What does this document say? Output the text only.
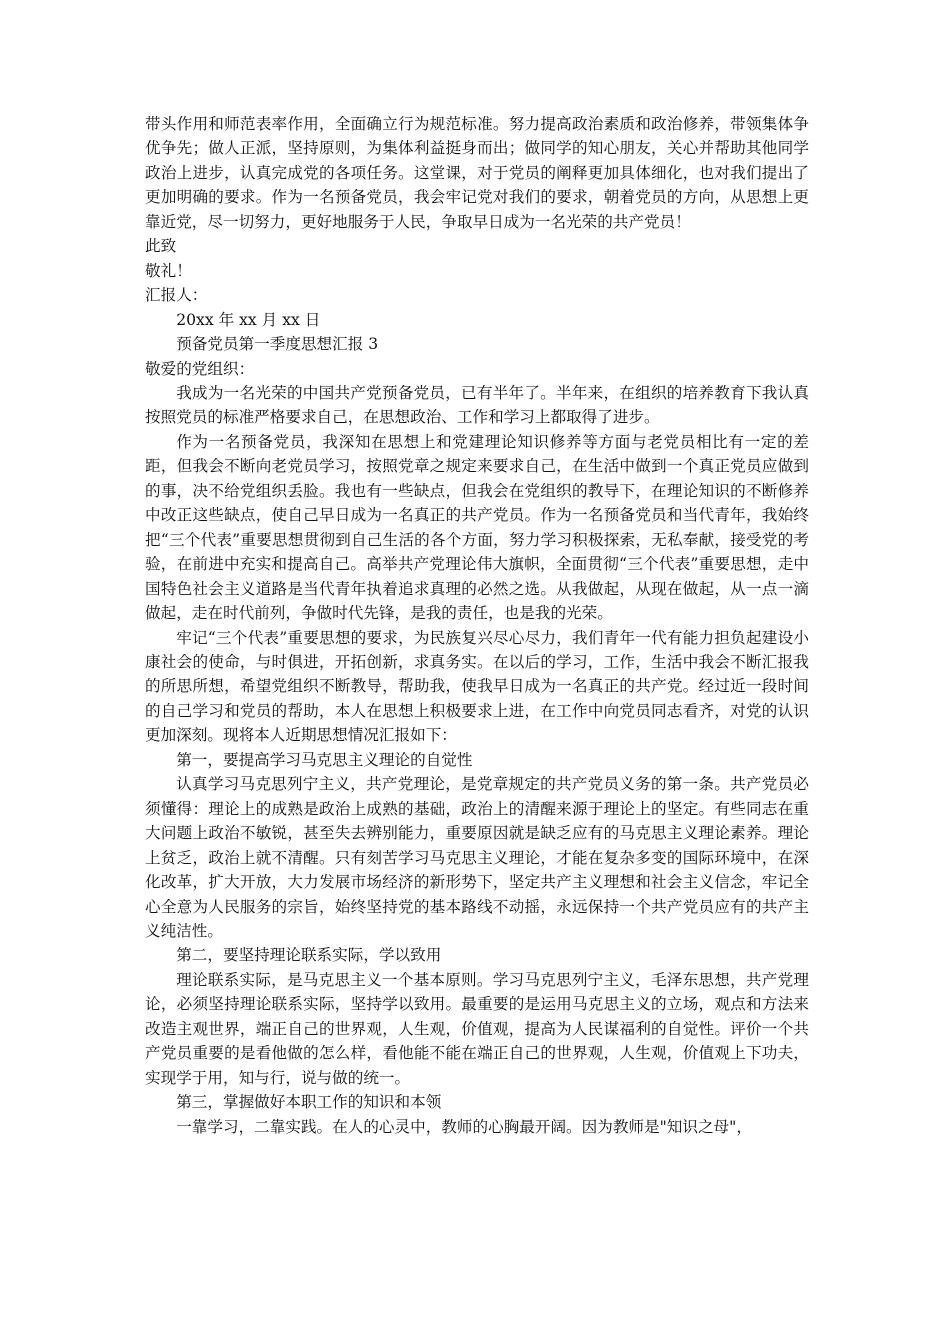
带头作用和师范表率作用，全面确立行为规范标准。努力提高政治素质和政治修养，带领集体争优争先；做人正派，坚持原则，为集体利益挺身而出；做同学的知心朋友，关心并帮助其他同学政治上进步，认真完成党的各项任务。这堂课，对于党员的阐释更加具体细化，也对我们提出了更加明确的要求。作为一名预备党员，我会牢记党对我们的要求，朝着党员的方向，从思想上更靠近党，尽一切努力，更好地服务于人民，争取早日成为一名光荣的共产党员！

此致

敬礼！

汇报人：

20xx 年 xx 月 xx 日

预备党员第一季度思想汇报 3

敬爱的党组织：

我成为一名光荣的中国共产党预备党员，已有半年了。半年来，在组织的培养教育下我认真按照党员的标准严格要求自己，在思想政治、工作和学习上都取得了进步。

作为一名预备党员，我深知在思想上和党建理论知识修养等方面与老党员相比有一定的差距，但我会不断向老党员学习，按照党章之规定来要求自己，在生活中做到一个真正党员应做到的事，决不给党组织丢脸。我也有一些缺点，但我会在党组织的教导下，在理论知识的不断修养中改正这些缺点，使自己早日成为一名真正的共产党员。作为一名预备党员和当代青年，我始终把“三个代表”重要思想贯彻到自己生活的各个方面，努力学习积极探索，无私奉献，接受党的考验，在前进中充实和提高自己。高举共产党理论伟大旗帜，全面贯彻“三个代表”重要思想，走中国特色社会主义道路是当代青年执着追求真理的必然之选。从我做起，从现在做起，从一点一滴做起，走在时代前列，争做时代先锋，是我的责任，也是我的光荣。

牢记“三个代表”重要思想的要求，为民族复兴尽心尽力，我们青年一代有能力担负起建设小康社会的使命，与时俱进，开拓创新，求真务实。在以后的学习，工作，生活中我会不断汇报我的所思所想，希望党组织不断教导，帮助我，使我早日成为一名真正的共产党。经过近一段时间的自己学习和党员的帮助，本人在思想上积极要求上进，在工作中向党员同志看齐，对党的认识更加深刻。现将本人近期思想情况汇报如下：

第一，要提高学习马克思主义理论的自觉性

认真学习马克思列宁主义，共产党理论，是党章规定的共产党员义务的第一条。共产党员必须懂得：理论上的成熟是政治上成熟的基础，政治上的清醒来源于理论上的坚定。有些同志在重大问题上政治不敏锐，甚至失去辨别能力，重要原因就是缺乏应有的马克思主义理论素养。理论上贫乏，政治上就不清醒。只有刻苦学习马克思主义理论，才能在复杂多变的国际环境中，在深化改革，扩大开放，大力发展市场经济的新形势下，坚定共产主义理想和社会主义信念，牢记全心全意为人民服务的宗旨，始终坚持党的基本路线不动摇，永远保持一个共产党员应有的共产主义纯洁性。

第二，要坚持理论联系实际，学以致用

理论联系实际，是马克思主义一个基本原则。学习马克思列宁主义，毛泽东思想，共产党理论，必须坚持理论联系实际，坚持学以致用。最重要的是运用马克思主义的立场，观点和方法来改造主观世界，端正自己的世界观，人生观，价值观，提高为人民谋福利的自觉性。评价一个共产党员重要的是看他做的怎么样，看他能不能在端正自己的世界观，人生观，价值观上下功夫，实现学于用，知与行，说与做的统一。

第三，掌握做好本职工作的知识和本领

一靠学习，二靠实践。在人的心灵中，教师的心胸最开阔。因为教师是"知识之母"，
